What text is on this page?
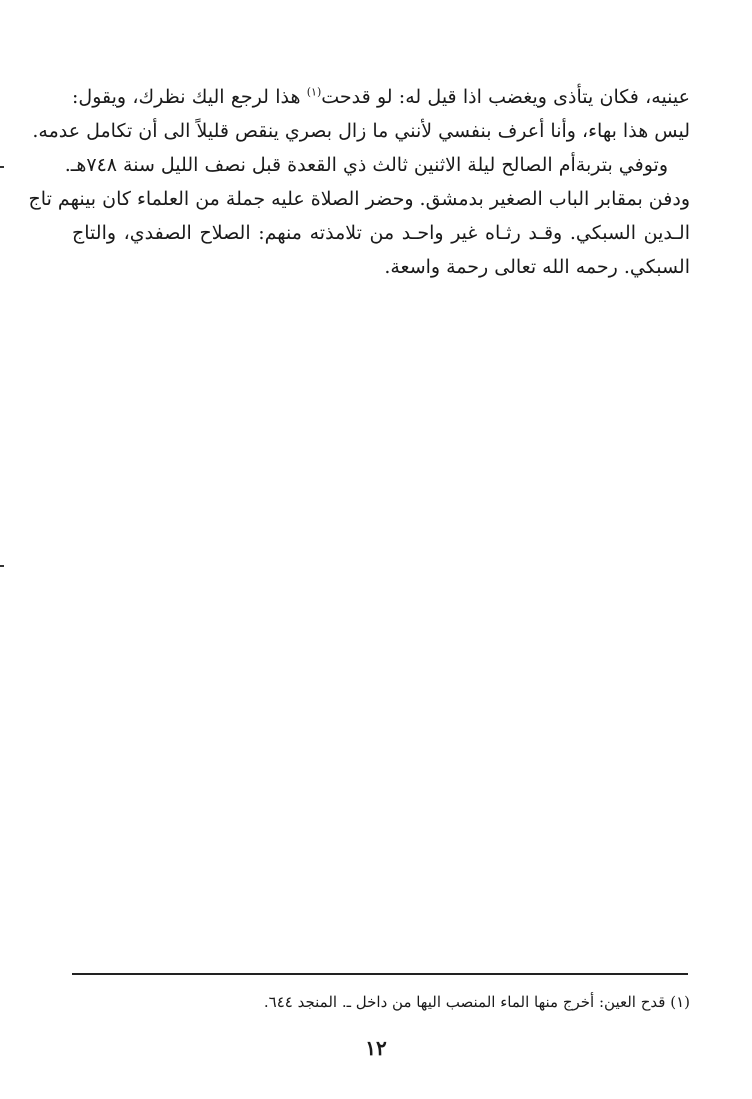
عينيه، فكان يتأذى ويغضب اذا قيل له: لو قدحت$^{(١)}$ هذا لرجع اليك نظرك، ويقول:
ليس هذا بهاء، وأنا أعرف بنفسي لأنني ما زال بصري ينقص قليلاً الى أن تكامل عدمه.
وتوفي بتربةأم الصالح ليلة الاثنين ثالث ذي القعدة قبل نصف الليل سنة ٧٤٨هـ.
ودفن بمقابر الباب الصغير بدمشق. وحضر الصلاة عليه جملة من العلماء كان بينهم تاج
الـدين السبكي. وقـد رثـاه غير واحـد من تلامذته منهم: الصلاح الصفدي، والتاج
السبكي. رحمه الله تعالى رحمة واسعة.
(١) قدح العين: أخرج منها الماء المنصب اليها من داخل ـ. المنجد ٦٤٤.
١٢
